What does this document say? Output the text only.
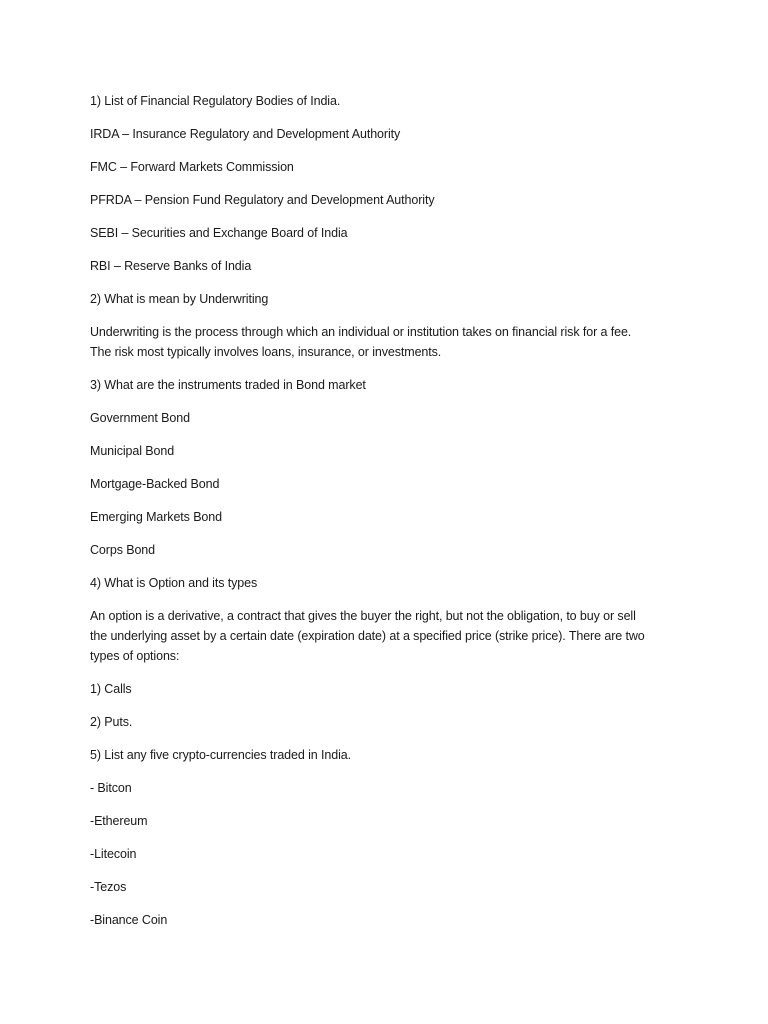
1) List of Financial Regulatory Bodies of India.
IRDA – Insurance Regulatory and Development Authority
FMC – Forward Markets Commission
PFRDA – Pension Fund Regulatory and Development Authority
SEBI – Securities and Exchange Board of India
RBI – Reserve Banks of India
2) What is mean by Underwriting
Underwriting is the process through which an individual or institution takes on financial risk for a fee.
The risk most typically involves loans, insurance, or investments.
3) What are the instruments traded in Bond market
Government Bond
Municipal Bond
Mortgage-Backed Bond
Emerging Markets Bond
Corps Bond
4) What is Option and its types
An option is a derivative, a contract that gives the buyer the right, but not the obligation, to buy or sell
the underlying asset by a certain date (expiration date) at a specified price (strike price). There are two
types of options:
1) Calls
2) Puts.
5) List any five crypto-currencies traded in India.
- Bitcon
-Ethereum
-Litecoin
-Tezos
-Binance Coin
